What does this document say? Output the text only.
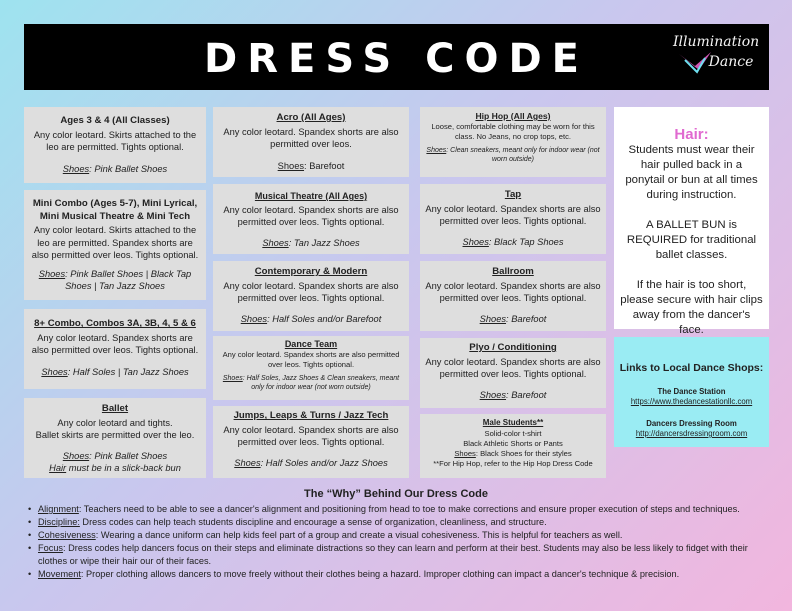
DRESS CODE	Illumination
Dance
Ages 3 & 4 (All Classes)
Any color leotard. Skirts attached to the leo are permitted. Tights optional.
Shoes: Pink Ballet Shoes
Mini Combo (Ages 5-7), Mini Lyrical, Mini Musical Theatre & Mini Tech
Any color leotard. Skirts attached to the leo are permitted. Spandex shorts are also permitted over leos. Tights optional.
Shoes: Pink Ballet Shoes | Black Tap Shoes | Tan Jazz Shoes
8+ Combo, Combos 3A, 3B, 4, 5 & 6
Any color leotard. Spandex shorts are also permitted over leos. Tights optional.
Shoes: Half Soles | Tan Jazz Shoes
Ballet
Any color leotard and tights.
Ballet skirts are permitted over the leo.
Shoes: Pink Ballet Shoes
Hair must be in a slick-back bun
Acro (All Ages)
Any color leotard. Spandex shorts are also permitted over leos.
Shoes: Barefoot
Musical Theatre (All Ages)
Any color leotard. Spandex shorts are also permitted over leos. Tights optional.
Shoes: Tan Jazz Shoes
Contemporary & Modern
Any color leotard. Spandex shorts are also permitted over leos. Tights optional.
Shoes: Half Soles and/or Barefoot
Dance Team
Any color leotard. Spandex shorts are also permitted over leos. Tights optional.
Shoes: Half Soles, Jazz Shoes & Clean sneakers, meant only for indoor wear (not worn outside)
Jumps, Leaps & Turns / Jazz Tech
Any color leotard. Spandex shorts are also permitted over leos. Tights optional.
Shoes: Half Soles and/or Jazz Shoes
Hip Hop (All Ages)
Loose, comfortable clothing may be worn for this class. No Jeans, no crop tops, etc.
Shoes: Clean sneakers, meant only for indoor wear (not worn outside)
Tap
Any color leotard. Spandex shorts are also permitted over leos. Tights optional.
Shoes: Black Tap Shoes
Ballroom
Any color leotard. Spandex shorts are also permitted over leos. Tights optional.
Shoes: Barefoot
Plyo / Conditioning
Any color leotard. Spandex shorts are also permitted over leos. Tights optional.
Shoes: Barefoot
Male Students**
Solid-color t-shirt
Black Athletic Shorts or Pants
Shoes: Black Shoes for their styles
**For Hip Hop, refer to the Hip Hop Dress Code
Hair:

Students must wear their hair pulled back in a ponytail or bun at all times during instruction.

A BALLET BUN is REQUIRED for traditional ballet classes.

If the hair is too short, please secure with hair clips away from the dancer's face.

Links to Local Dance Shops:
The Dance Station
https://www.thedancestationllc.com
Dancers Dressing Room
http://dancersdressingroom.com
The “Why” Behind Our Dress Code
• Alignment: Teachers need to be able to see a dancer's alignment and positioning from head to toe to make corrections and ensure proper execution of steps and techniques.
• Discipline: Dress codes can help teach students discipline and encourage a sense of organization, cleanliness, and structure.
• Cohesiveness: Wearing a dance uniform can help kids feel part of a group and create a visual cohesiveness. This is helpful for teachers as well.
• Focus: Dress codes help dancers focus on their steps and eliminate distractions so they can learn and perform at their best. Students may also be less likely to fidget with their clothes or wipe their hair our of their faces.
• Movement: Proper clothing allows dancers to move freely without their clothes being a hazard. Improper clothing can impact a dancer's technique & precision.
